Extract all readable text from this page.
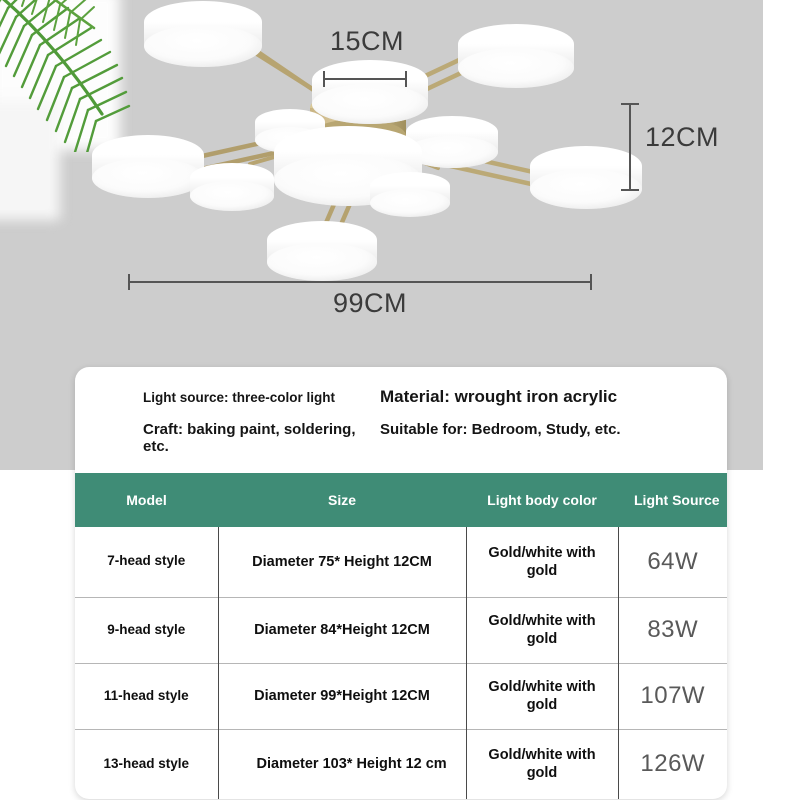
15CM
12CM
99CM
Light source: three-color light	Material: wrought iron acrylic
Craft: baking paint, soldering, etc.
Suitable for: Bedroom, Study, etc.
Model	Size	Light body color	Light Source
7-head style	Diameter 75* Height 12CM	Gold/white with gold	64W
9-head style	Diameter 84*Height 12CM	Gold/white with gold	83W
11-head style	Diameter 99*Height 12CM	Gold/white with gold	107W
13-head style	Diameter 103* Height 12 cm	Gold/white with gold	126W
